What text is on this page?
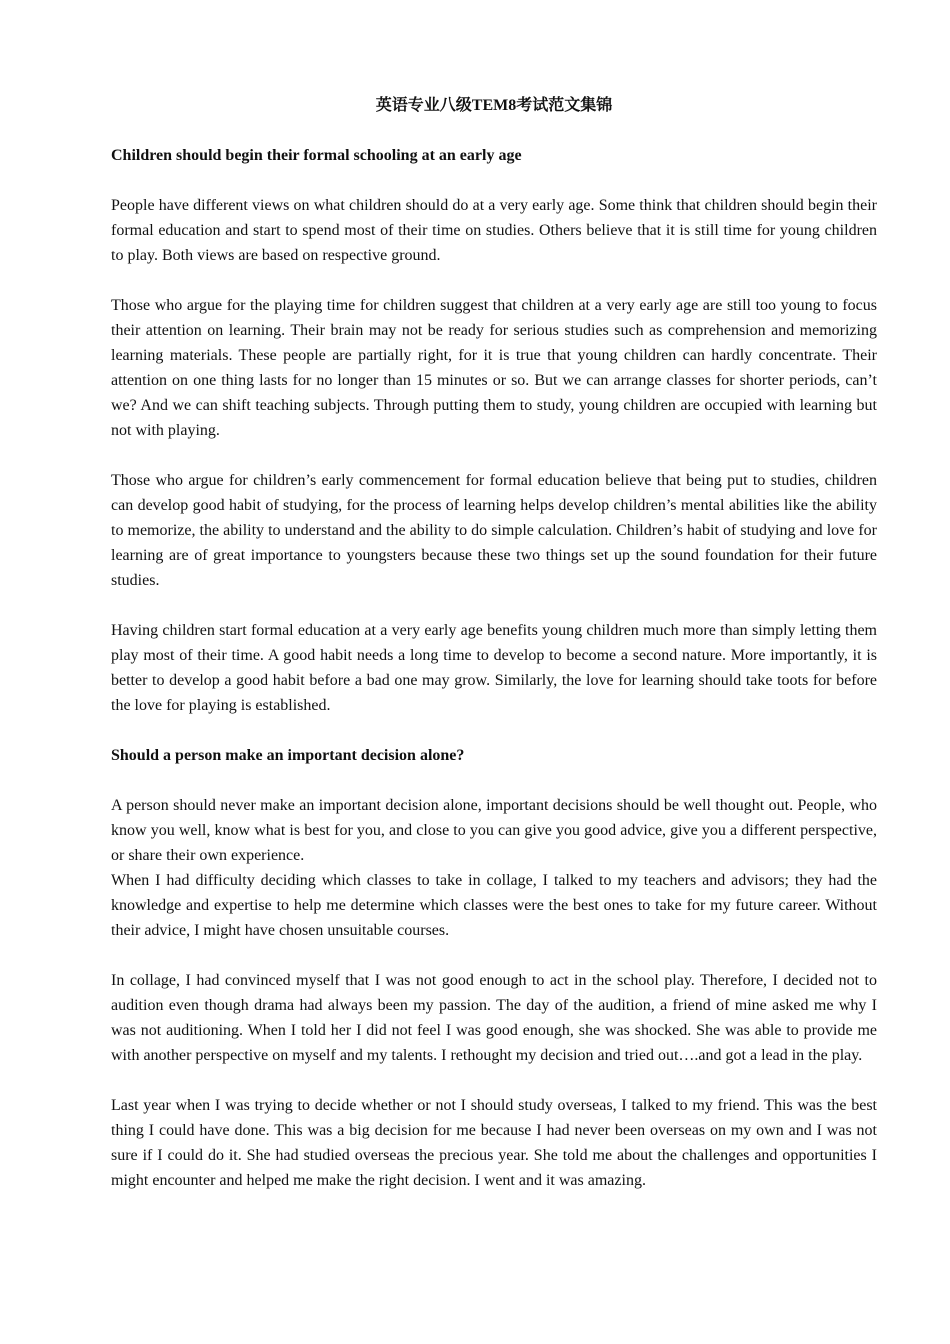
英语专业八级TEM8考试范文集锦
Children should begin their formal schooling at an early age

People have different views on what children should do at a very early age. Some think that children should begin their formal education and start to spend most of their time on studies. Others believe that it is still time for young children to play. Both views are based on respective ground.

Those who argue for the playing time for children suggest that children at a very early age are still too young to focus their attention on learning. Their brain may not be ready for serious studies such as comprehension and memorizing learning materials. These people are partially right, for it is true that young children can hardly concentrate. Their attention on one thing lasts for no longer than 15 minutes or so. But we can arrange classes for shorter periods, can’t we? And we can shift teaching subjects. Through putting them to study, young children are occupied with learning but not with playing.

Those who argue for children’s early commencement for formal education believe that being put to studies, children can develop good habit of studying, for the process of learning helps develop children’s mental abilities like the ability to memorize, the ability to understand and the ability to do simple calculation. Children’s habit of studying and love for learning are of great importance to youngsters because these two things set up the sound foundation for their future studies.

Having children start formal education at a very early age benefits young children much more than simply letting them play most of their time. A good habit needs a long time to develop to become a second nature. More importantly, it is better to develop a good habit before a bad one may grow. Similarly, the love for learning should take toots for before the love for playing is established.

Should a person make an important decision alone?

A person should never make an important decision alone, important decisions should be well thought out. People, who know you well, know what is best for you, and close to you can give you good advice, give you a different perspective, or share their own experience.

When I had difficulty deciding which classes to take in collage, I talked to my teachers and advisors; they had the knowledge and expertise to help me determine which classes were the best ones to take for my future career. Without their advice, I might have chosen unsuitable courses.

In collage, I had convinced myself that I was not good enough to act in the school play. Therefore, I decided not to audition even though drama had always been my passion. The day of the audition, a friend of mine asked me why I was not auditioning. When I told her I did not feel I was good enough, she was shocked. She was able to provide me with another perspective on myself and my talents. I rethought my decision and tried out….and got a lead in the play.

Last year when I was trying to decide whether or not I should study overseas, I talked to my friend. This was the best thing I could have done. This was a big decision for me because I had never been overseas on my own and I was not sure if I could do it. She had studied overseas the precious year. She told me about the challenges and opportunities I might encounter and helped me make the right decision. I went and it was amazing.
